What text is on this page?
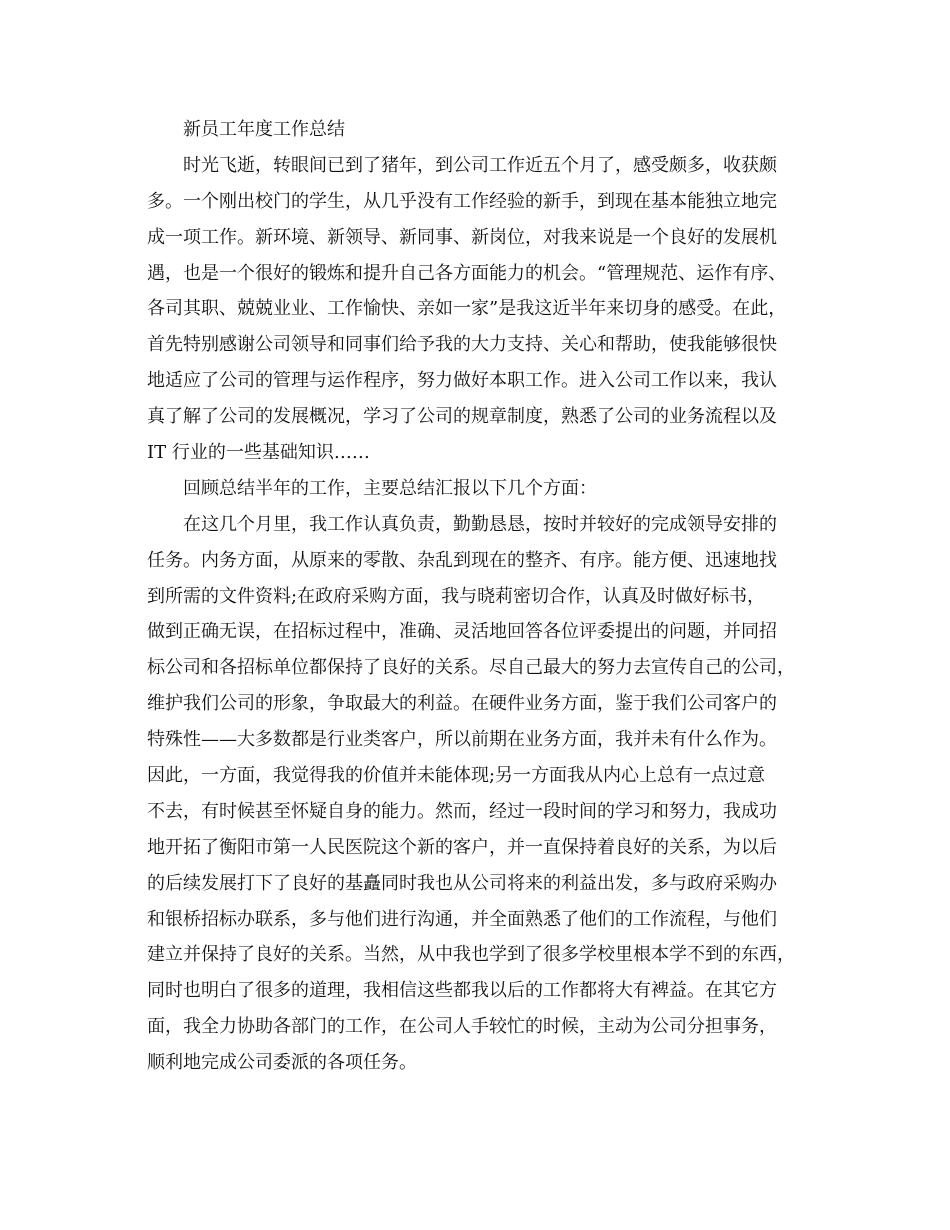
新员工年度工作总结
时光飞逝，转眼间已到了猪年，到公司工作近五个月了，感受颇多，收获颇
多。一个刚出校门的学生，从几乎没有工作经验的新手，到现在基本能独立地完
成一项工作。新环境、新领导、新同事、新岗位，对我来说是一个良好的发展机
遇，也是一个很好的锻炼和提升自己各方面能力的机会。“管理规范、运作有序、
各司其职、兢兢业业、工作愉快、亲如一家”是我这近半年来切身的感受。在此，
首先特别感谢公司领导和同事们给予我的大力支持、关心和帮助，使我能够很快
地适应了公司的管理与运作程序，努力做好本职工作。进入公司工作以来，我认
真了解了公司的发展概况，学习了公司的规章制度，熟悉了公司的业务流程以及
IT 行业的一些基础知识……
回顾总结半年的工作，主要总结汇报以下几个方面：
在这几个月里，我工作认真负责，勤勤恳恳，按时并较好的完成领导安排的
任务。内务方面，从原来的零散、杂乱到现在的整齐、有序。能方便、迅速地找
到所需的文件资料;在政府采购方面，我与晓莉密切合作，认真及时做好标书，
做到正确无误，在招标过程中，准确、灵活地回答各位评委提出的问题，并同招
标公司和各招标单位都保持了良好的关系。尽自己最大的努力去宣传自己的公司，
维护我们公司的形象，争取最大的利益。在硬件业务方面，鉴于我们公司客户的
特殊性——大多数都是行业类客户，所以前期在业务方面，我并未有什么作为。
因此，一方面，我觉得我的价值并未能体现;另一方面我从内心上总有一点过意
不去，有时候甚至怀疑自身的能力。然而，经过一段时间的学习和努力，我成功
地开拓了衡阳市第一人民医院这个新的客户，并一直保持着良好的关系，为以后
的后续发展打下了良好的基矗同时我也从公司将来的利益出发，多与政府采购办
和银桥招标办联系，多与他们进行沟通，并全面熟悉了他们的工作流程，与他们
建立并保持了良好的关系。当然，从中我也学到了很多学校里根本学不到的东西，
同时也明白了很多的道理，我相信这些都我以后的工作都将大有裨益。在其它方
面，我全力协助各部门的工作，在公司人手较忙的时候，主动为公司分担事务，
顺利地完成公司委派的各项任务。
